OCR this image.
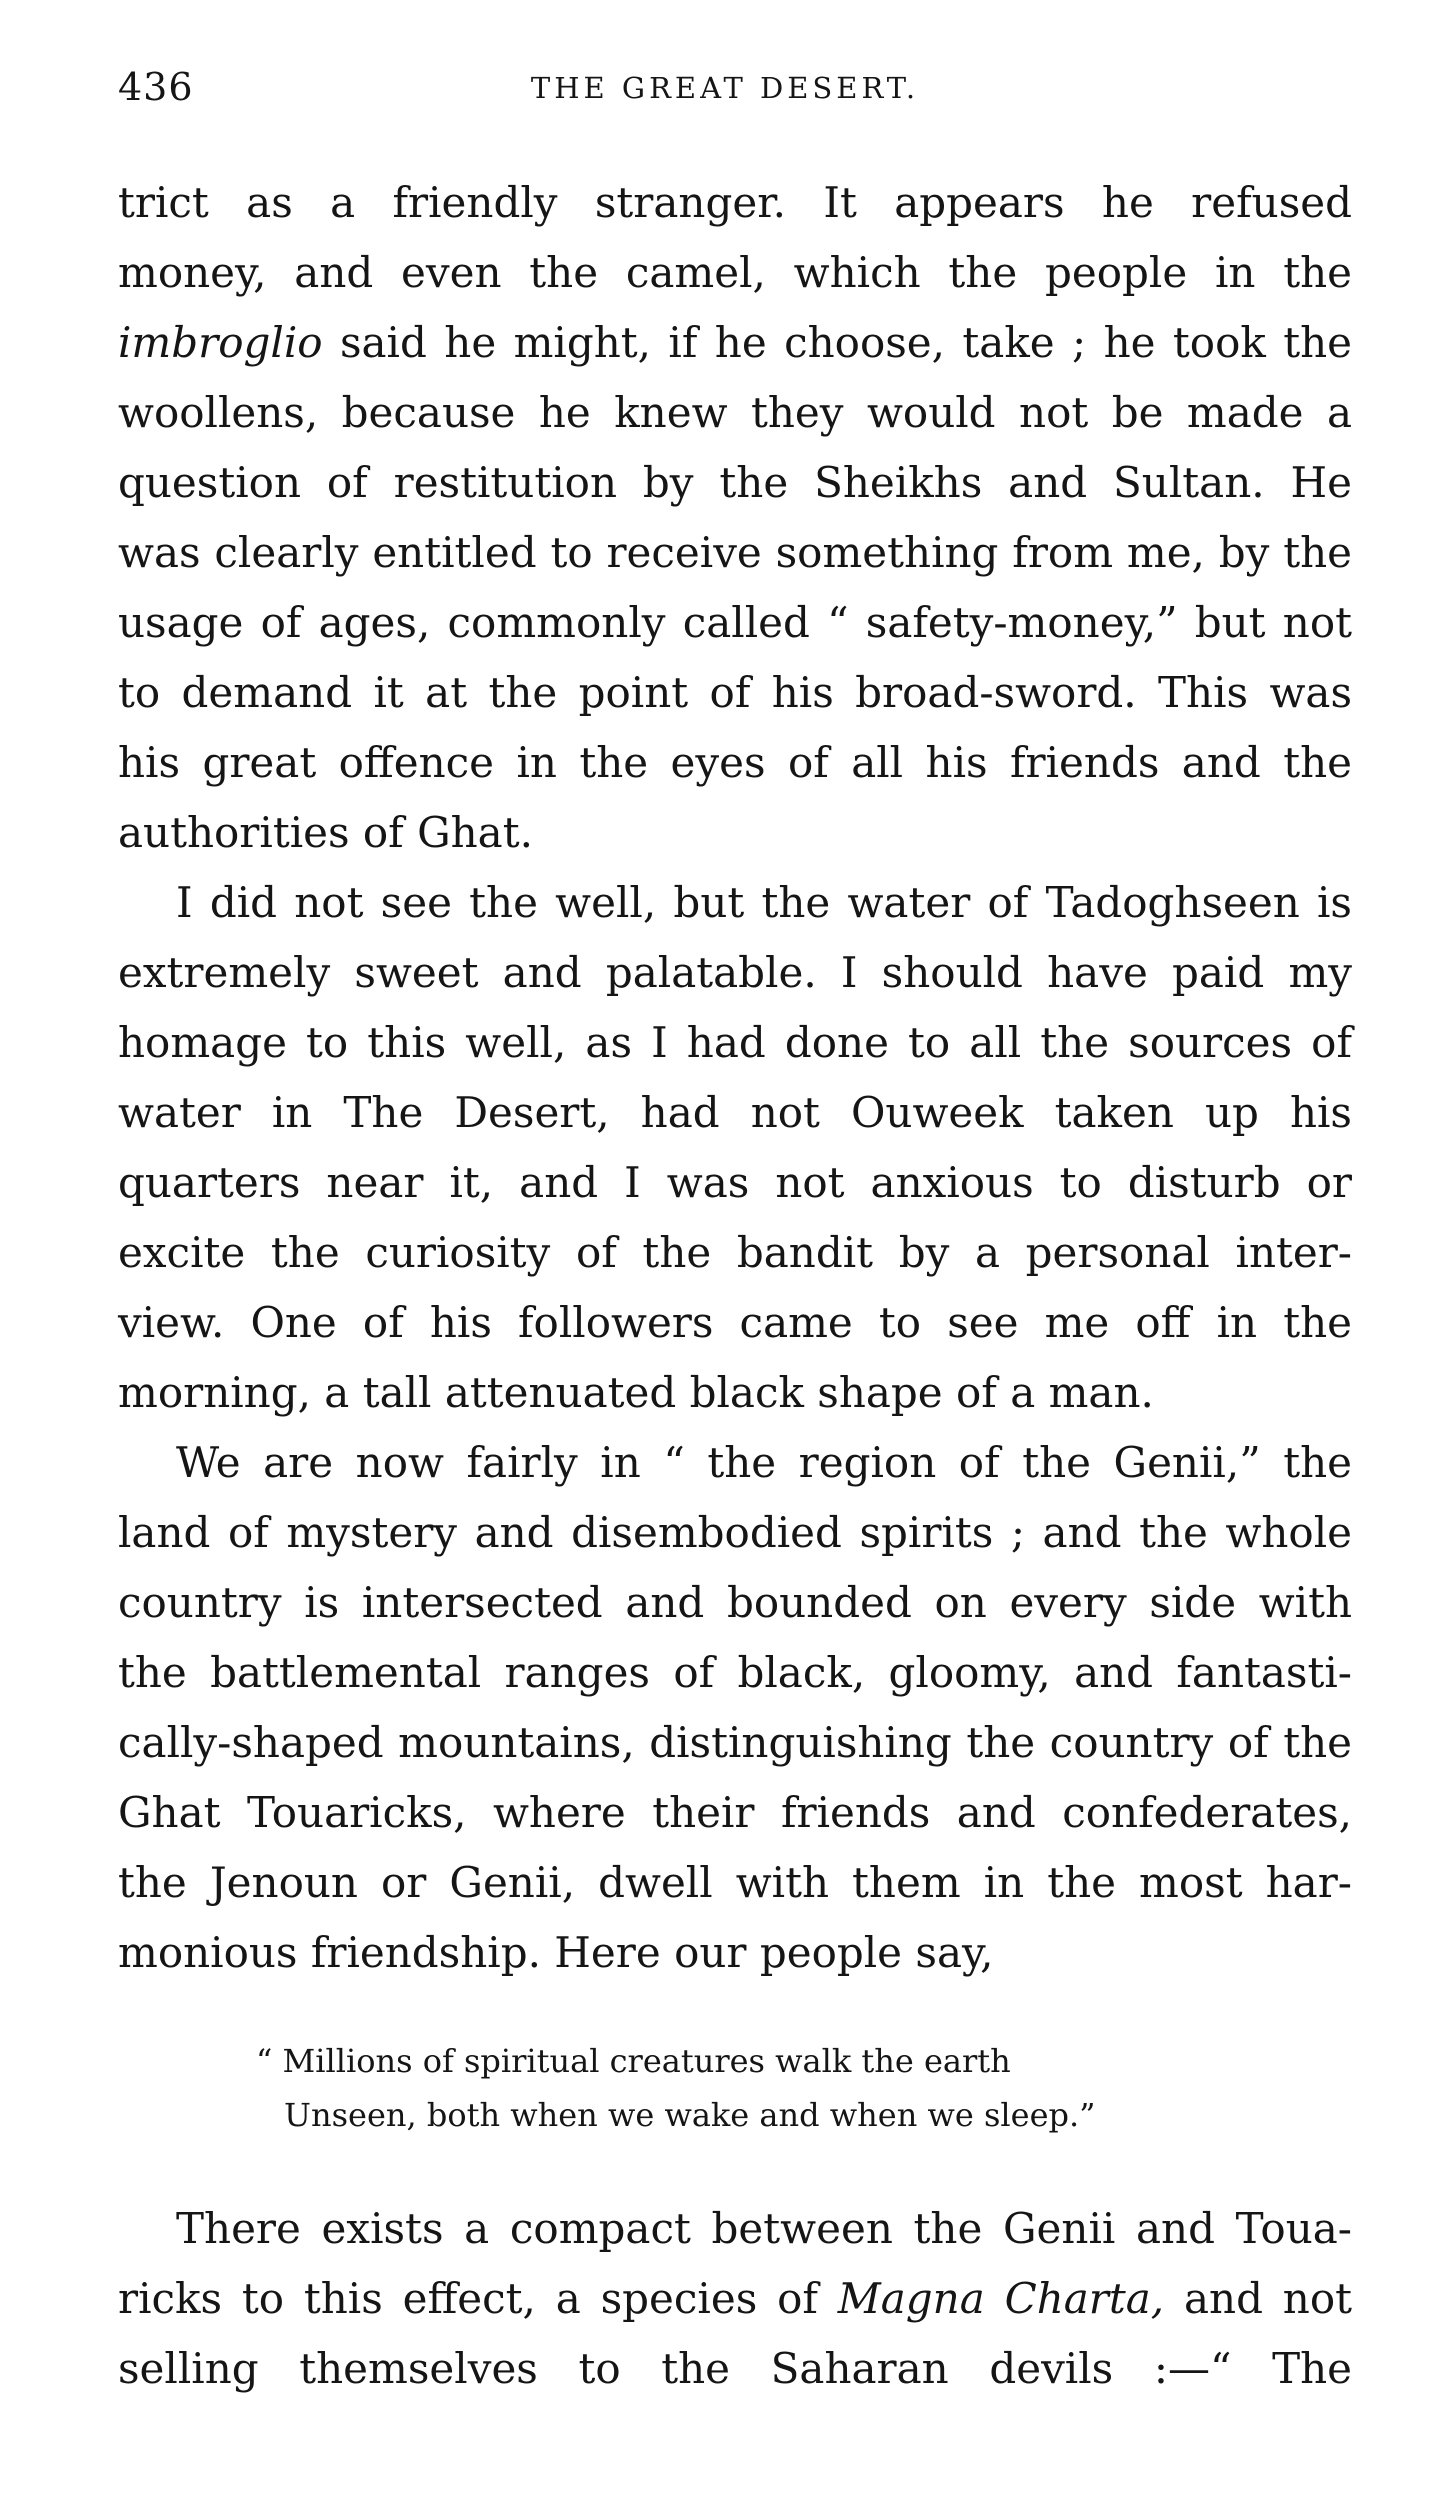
436	THE GREAT DESERT.

trict as a friendly stranger. It appears he refused
money, and even the camel, which the people in the
imbroglio said he might, if he choose, take ; he took the
woollens, because he knew they would not be made a
question of restitution by the Sheikhs and Sultan. He
was clearly entitled to receive something from me, by the
usage of ages, commonly called “ safety-money,” but not
to demand it at the point of his broad-sword. This was
his great offence in the eyes of all his friends and the
authorities of Ghat.

I did not see the well, but the water of Tadoghseen is
extremely sweet and palatable. I should have paid my
homage to this well, as I had done to all the sources of
water in The Desert, had not Ouweek taken up his
quarters near it, and I was not anxious to disturb or
excite the curiosity of the bandit by a personal inter-
view. One of his followers came to see me off in the
morning, a tall attenuated black shape of a man.

We are now fairly in “ the region of the Genii,” the
land of mystery and disembodied spirits ; and the whole
country is intersected and bounded on every side with
the battlemental ranges of black, gloomy, and fantasti-
cally-shaped mountains, distinguishing the country of the
Ghat Touaricks, where their friends and confederates,
the Jenoun or Genii, dwell with them in the most har-
monious friendship. Here our people say,

“ Millions of spiritual creatures walk the earth
Unseen, both when we wake and when we sleep.”

There exists a compact between the Genii and Toua-
ricks to this effect, a species of Magna Charta, and not
selling themselves to the Saharan devils :—“ The
